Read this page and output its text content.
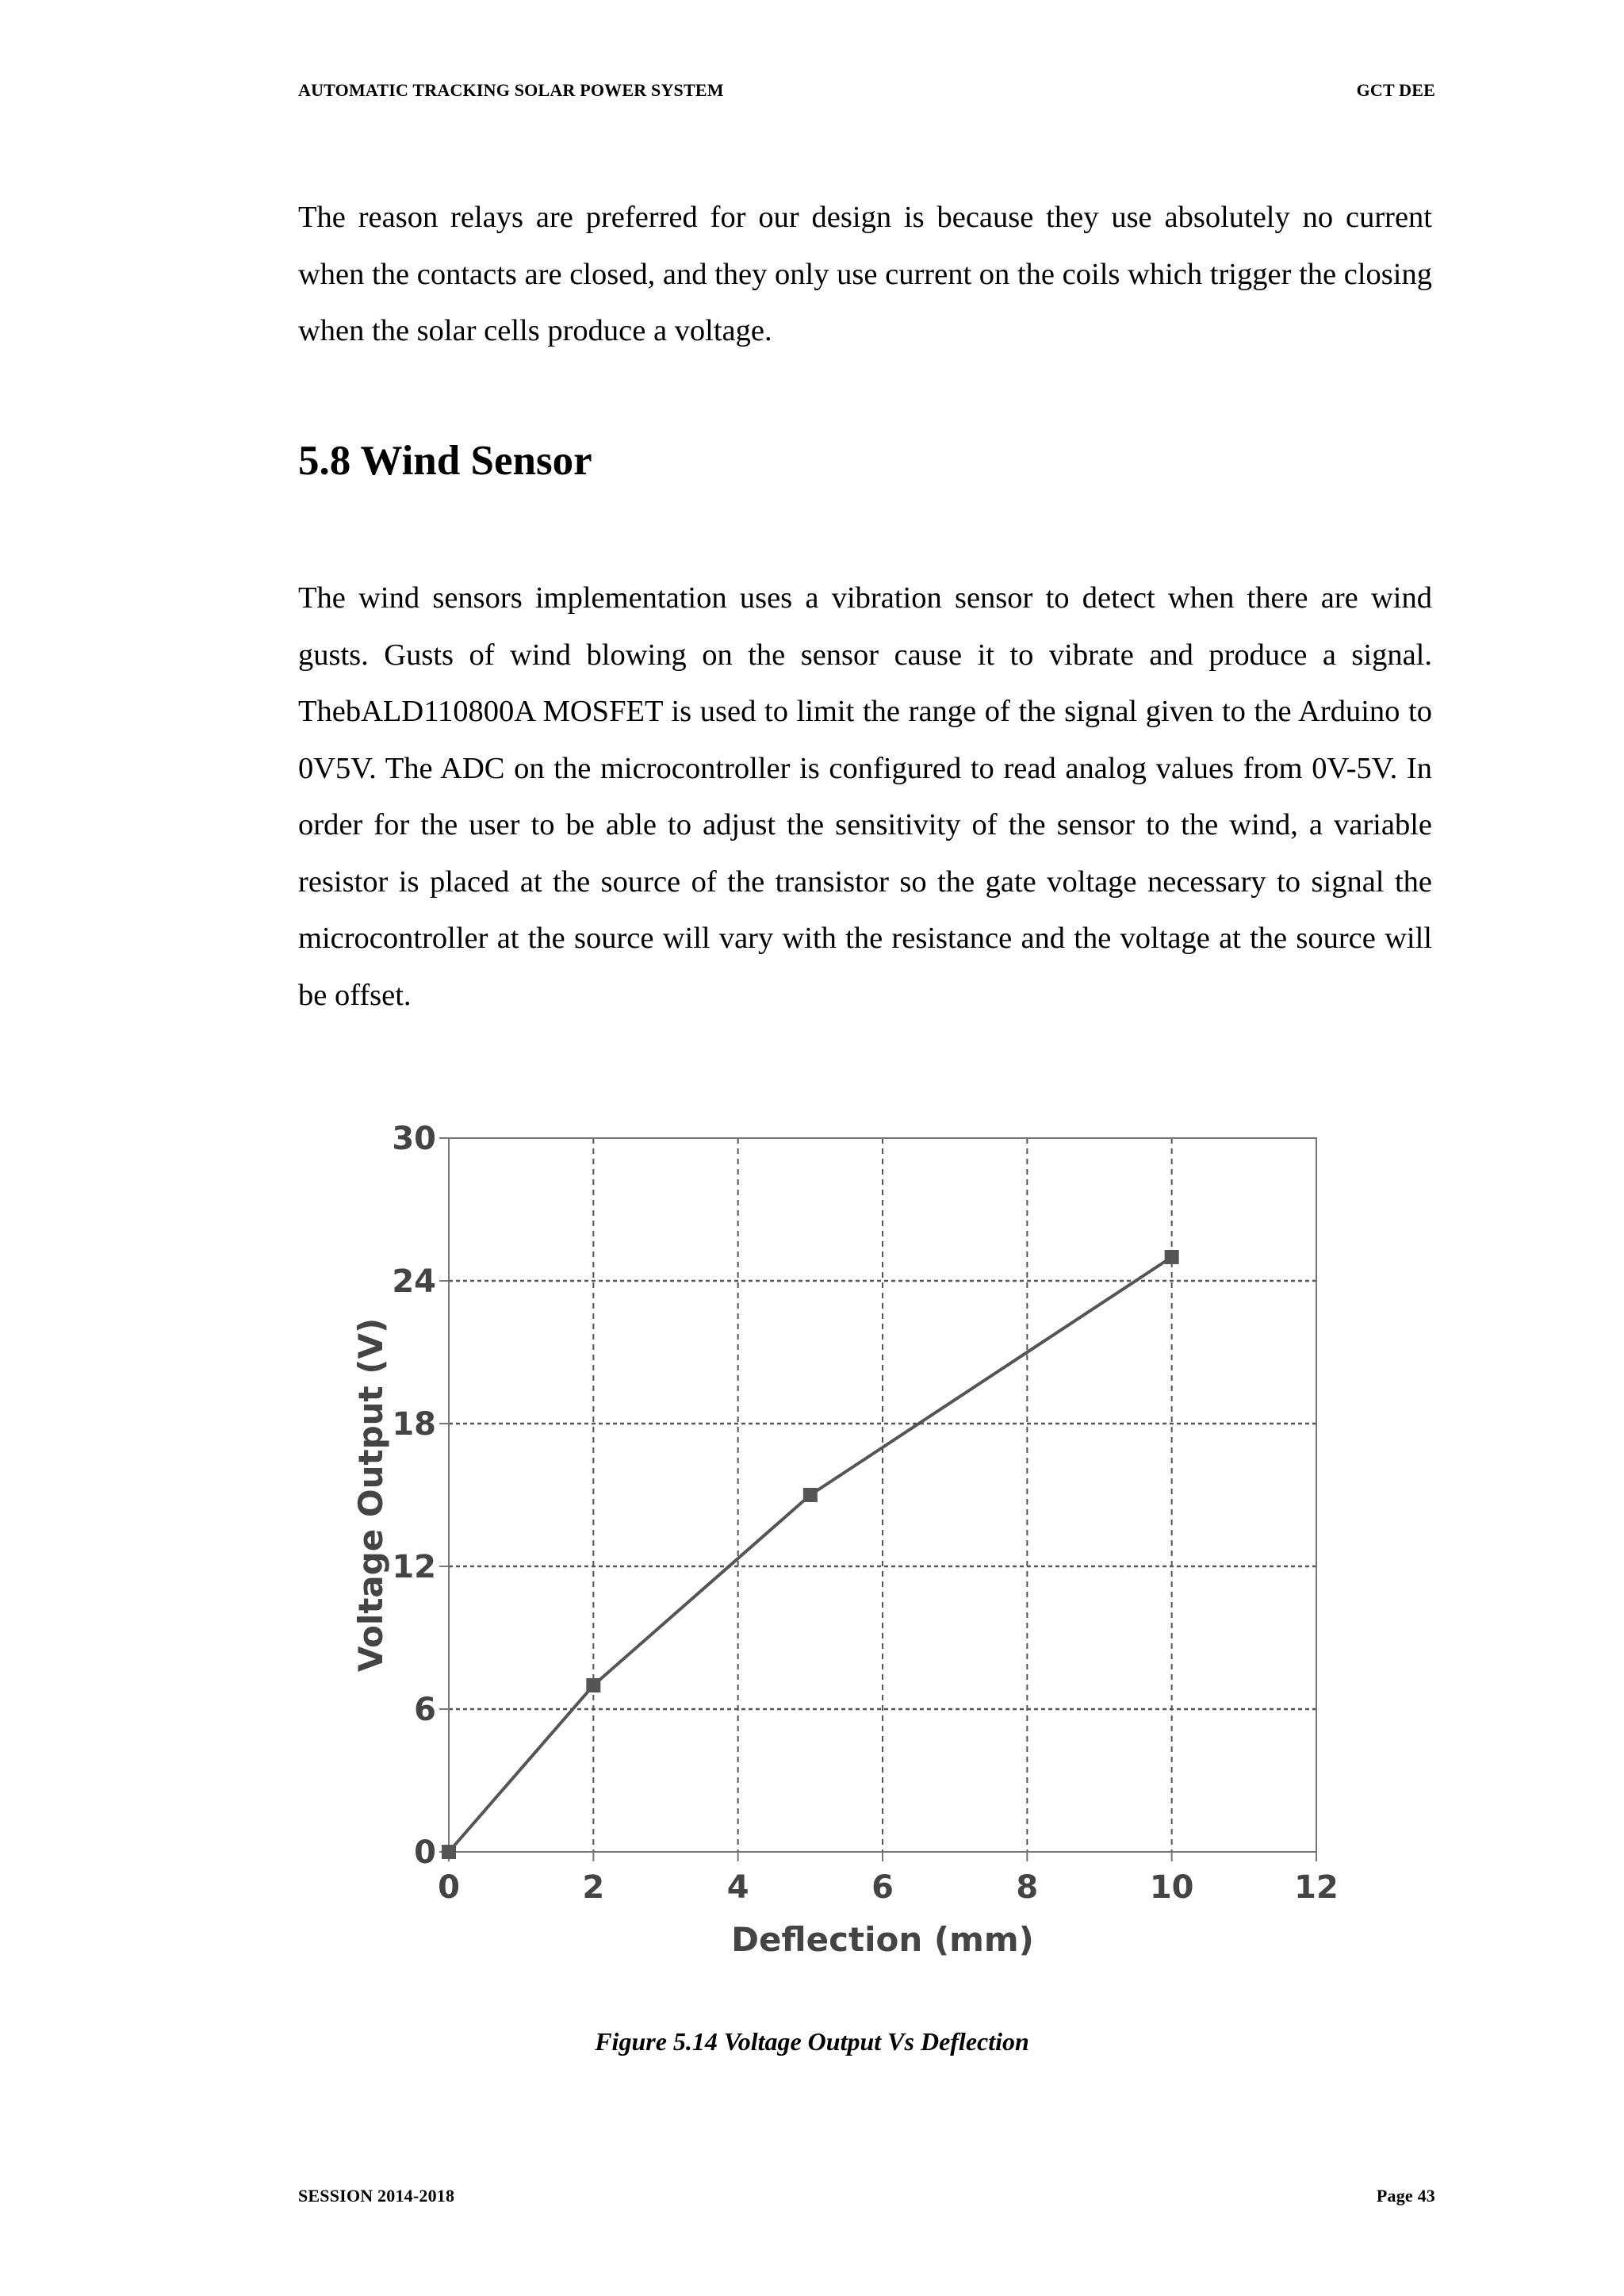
AUTOMATIC TRACKING SOLAR POWER SYSTEM	GCT DEE

The reason relays are preferred for our design is because they use absolutely no current when the contacts are closed, and they only use current on the coils which trigger the closing when the solar cells produce a voltage.

5.8 Wind Sensor

The wind sensors implementation uses a vibration sensor to detect when there are wind gusts. Gusts of wind blowing on the sensor cause it to vibrate and produce a signal. ThebALD110800A MOSFET is used to limit the range of the signal given to the Arduino to 0V5V. The ADC on the microcontroller is configured to read analog values from 0V-5V. In order for the user to be able to adjust the sensitivity of the sensor to the wind, a variable resistor is placed at the source of the transistor so the gate voltage necessary to signal the microcontroller at the source will vary with the resistance and the voltage at the source will be offset.

0	2	4	6	8	10	12
0
6
12
18
24
30
Deflection (mm)
Voltage Output (V)

Figure 5.14 Voltage Output Vs Deflection

SESSION 2014-2018	Page 43
